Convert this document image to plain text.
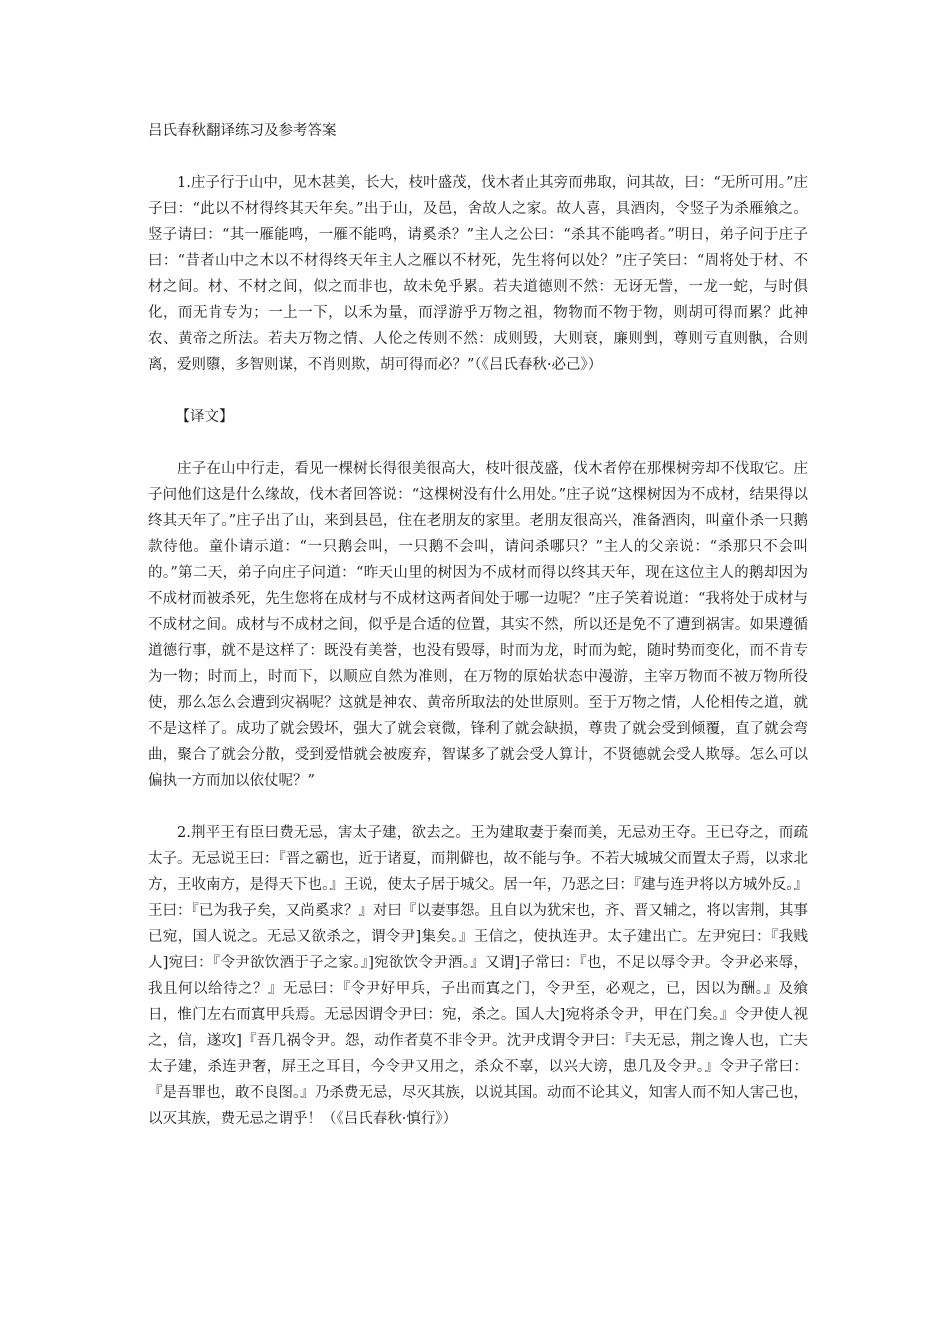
吕氏春秋翻译练习及参考答案

1.庄子行于山中，见木甚美，长大，枝叶盛茂，伐木者止其旁而弗取，问其故，曰：“无所可用。”庄子曰：“此以不材得终其天年矣。”出于山，及邑，舍故人之家。故人喜，具酒肉，令竖子为杀雁飨之。竖子请曰：“其一雁能鸣，一雁不能鸣，请奚杀？”主人之公曰：“杀其不能鸣者。”明日，弟子问于庄子曰：“昔者山中之木以不材得终天年主人之雁以不材死，先生将何以处？”庄子笑曰：“周将处于材、不材之间。材、不材之间，似之而非也，故未免乎累。若夫道德则不然：无讶无訾，一龙一蛇，与时俱化，而无肯专为；一上一下，以禾为量，而浮游乎万物之祖，物物而不物于物，则胡可得而累？此神农、黄帝之所法。若夫万物之情、人伦之传则不然：成则毁，大则衰，廉则剉，尊则亏直则骫，合则离，爱则隳，多智则谋，不肖则欺，胡可得而必？”（《吕氏春秋·必己》）

【译文】

庄子在山中行走，看见一棵树长得很美很高大，枝叶很茂盛，伐木者停在那棵树旁却不伐取它。庄子问他们这是什么缘故，伐木者回答说：“这棵树没有什么用处。”庄子说“这棵树因为不成材，结果得以终其天年了。”庄子出了山，来到县邑，住在老朋友的家里。老朋友很高兴，准备酒肉，叫童仆杀一只鹅款待他。童仆请示道：“一只鹅会叫，一只鹅不会叫，请问杀哪只？”主人的父亲说：“杀那只不会叫的。”第二天，弟子向庄子问道：“昨天山里的树因为不成材而得以终其天年，现在这位主人的鹅却因为不成材而被杀死，先生您将在成材与不成材这两者间处于哪一边呢？”庄子笑着说道：“我将处于成材与不成材之间。成材与不成材之间，似乎是合适的位置，其实不然，所以还是免不了遭到祸害。如果遵循道德行事，就不是这样了：既没有美誉，也没有毁辱，时而为龙，时而为蛇，随时势而变化，而不肯专为一物；时而上，时而下，以顺应自然为准则，在万物的原始状态中漫游，主宰万物而不被万物所役使，那么怎么会遭到灾祸呢？这就是神农、黄帝所取法的处世原则。至于万物之情，人伦相传之道，就不是这样了。成功了就会毁坏，强大了就会衰微，锋利了就会缺损，尊贵了就会受到倾覆，直了就会弯曲，聚合了就会分散，受到爱惜就会被废弃，智谋多了就会受人算计，不贤德就会受人欺辱。怎么可以偏执一方而加以依仗呢？”

2.荆平王有臣曰费无忌，害太子建，欲去之。王为建取妻于秦而美，无忌劝王夺。王已夺之，而疏太子。无忌说王曰：『晋之霸也，近于诸夏，而荆僻也，故不能与争。不若大城城父而置太子焉，以求北方，王收南方，是得天下也。』王说，使太子居于城父。居一年，乃恶之曰：『建与连尹将以方城外反。』王曰：『已为我子矣，又尚奚求？』对曰『以妻事怨。且自以为犹宋也，齐、晋又辅之，将以害荆，其事已宛，国人说之。无忌又欲杀之，谓令尹]集矣。』王信之，使执连尹。太子建出亡。左尹宛曰：『我贱人]宛曰：『令尹欲饮酒于子之家。』]宛欲饮令尹酒。』又谓]子常曰：『也，不足以辱令尹。令尹必来辱，我且何以给待之？』无忌曰：『令尹好甲兵，子出而寘之门，令尹至，必观之，已，因以为酬。』及飨日，惟门左右而寘甲兵焉。无忌因谓令尹曰：宛，杀之。国人大]宛将杀令尹，甲在门矣。』令尹使人视之，信，遂攻]『吾几祸令尹。怨，动作者莫不非令尹。沈尹戌谓令尹曰：『夫无忌，荆之谗人也，亡夫太子建，杀连尹奢，屏王之耳目，今令尹又用之，杀众不辜，以兴大谤，患几及令尹。』令尹子常曰：『是吾罪也，敢不良图。』乃杀费无忌，尽灭其族，以说其国。动而不论其义，知害人而不知人害己也，以灭其族，费无忌之谓乎！（《吕氏春秋·慎行》）
